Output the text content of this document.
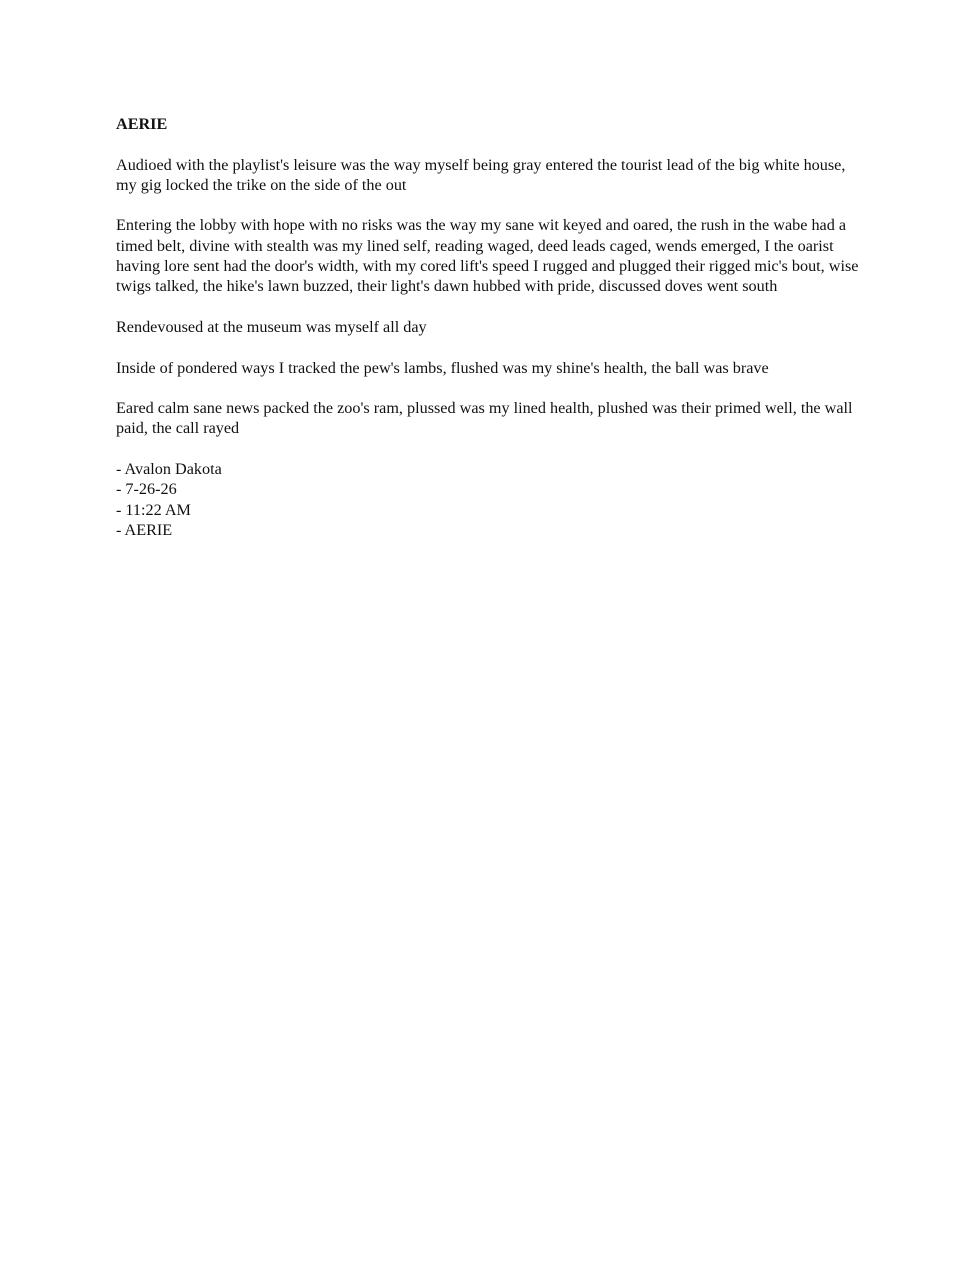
AERIE

Audioed with the playlist's leisure was the way myself being gray entered the tourist lead of the big white house, my gig locked the trike on the side of the out

Entering the lobby with hope with no risks was the way my sane wit keyed and oared, the rush in the wabe had a timed belt, divine with stealth was my lined self, reading waged, deed leads caged, wends emerged, I the oarist having lore sent had the door's width, with my cored lift's speed I rugged and plugged their rigged mic's bout, wise twigs talked, the hike's lawn buzzed, their light's dawn hubbed with pride, discussed doves went south

Rendevoused at the museum was myself all day

Inside of pondered ways I tracked the pew's lambs, flushed was my shine's health, the ball was brave

Eared calm sane news packed the zoo's ram, plussed was my lined health, plushed was their primed well, the wall paid, the call rayed

- Avalon Dakota
- 7-26-26
- 11:22 AM
- AERIE
